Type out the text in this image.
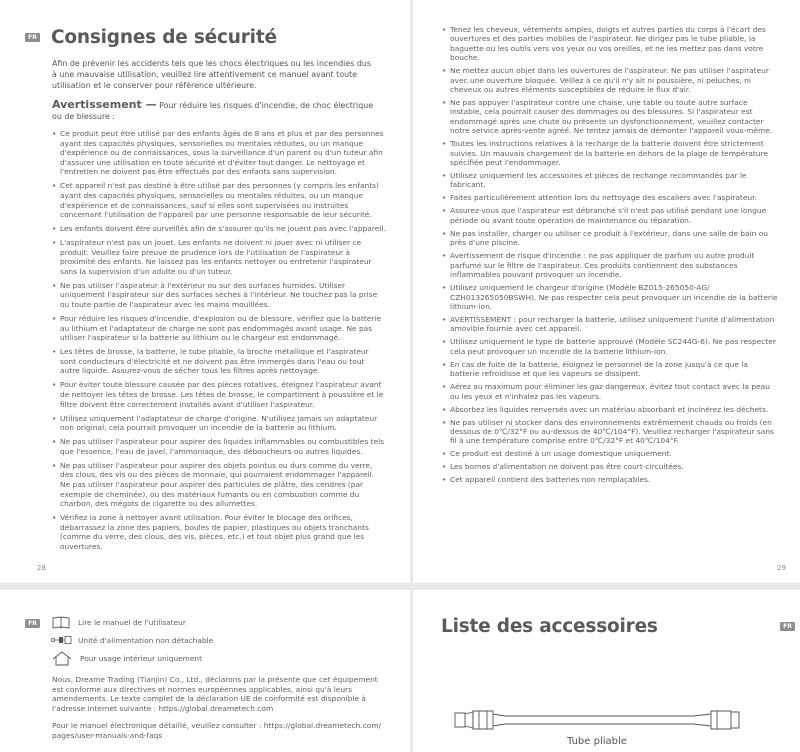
FR Consignes de sécurité

Afin de prévenir les accidents tels que les chocs électriques ou les incendies dus à une mauvaise utilisation, veuillez lire attentivement ce manuel avant toute utilisation et le conserver pour référence ultérieure.

Avertissement — Pour réduire les risques d'incendie, de choc électrique ou de blessure :

• Ce produit peut être utilisé par des enfants âgés de 8 ans et plus et par des personnes ayant des capacités physiques, sensorielles ou mentales réduites, ou un manque d'expérience ou de connaissances, sous la surveillance d'un parent ou d'un tuteur afin d'assurer une utilisation en toute sécurité et d'éviter tout danger. Le nettoyage et l'entretien ne doivent pas être effectués par des enfants sans supervision.
• Cet appareil n'est pas destiné à être utilisé par des personnes (y compris les enfants) ayant des capacités physiques, sensorielles ou mentales réduites, ou un manque d'expérience et de connaissances, sauf si elles sont supervisées ou instruites concernant l'utilisation de l'appareil par une personne responsable de leur sécurité.
• Les enfants doivent être surveillés afin de s'assurer qu'ils ne jouent pas avec l'appareil.
• L'aspirateur n'est pas un jouet. Les enfants ne doivent ni jouer avec ni utiliser ce produit. Veuillez faire preuve de prudence lors de l'utilisation de l'aspirateur à proximité des enfants. Ne laissez pas les enfants nettoyer ou entretenir l'aspirateur sans la supervision d'un adulte ou d'un tuteur.
• Ne pas utiliser l'aspirateur à l'extérieur ou sur des surfaces humides. Utiliser uniquement l'aspirateur sur des surfaces sèches à l'intérieur. Ne touchez pas la prise ou toute partie de l'aspirateur avec les mains mouillées.
• Pour réduire les risques d'incendie, d'explosion ou de blessure, vérifiez que la batterie au lithium et l'adaptateur de charge ne sont pas endommagés avant usage. Ne pas utiliser l'aspirateur si la batterie au lithium ou le chargeur est endommagé.
• Les têtes de brosse, la batterie, le tube pliable, la broche métallique et l'aspirateur sont conducteurs d'électricité et ne doivent pas être immergés dans l'eau ou tout autre liquide. Assurez-vous de sécher tous les filtres après nettoyage.
• Pour éviter toute blessure causée par des pièces rotatives, éteignez l'aspirateur avant de nettoyer les têtes de brosse. Les têtes de brosse, le compartiment à poussière et le filtre doivent être correctement installés avant d'utiliser l'aspirateur.
• Utilisez uniquement l'adaptateur de charge d'origine. N'utilisez jamais un adaptateur non original, cela pourrait provoquer un incendie de la batterie au lithium.
• Ne pas utiliser l'aspirateur pour aspirer des liquides inflammables ou combustibles tels que l'essence, l'eau de javel, l'ammoniaque, des déboucheurs ou autres liquides.
• Ne pas utiliser l'aspirateur pour aspirer des objets pointus ou durs comme du verre, des clous, des vis ou des pièces de monnaie, qui pourraient endommager l'appareil. Ne pas utiliser l'aspirateur pour aspirer des particules de plâtre, des cendres (par exemple de cheminée), ou des matériaux fumants ou en combustion comme du charbon, des mégots de cigarette ou des allumettes.
• Vérifiez la zone à nettoyer avant utilisation. Pour éviter le blocage des orifices, débarrassez la zone des papiers, boules de papier, plastiques ou objets tranchants (comme du verre, des clous, des vis, pièces, etc.) et tout objet plus grand que les ouvertures.
28
• Tenez les cheveux, vêtements amples, doigts et autres parties du corps à l'écart des ouvertures et des parties mobiles de l'aspirateur. Ne dirigez pas le tube pliable, la baguette ou les outils vers vos yeux ou vos oreilles, et ne les mettez pas dans votre bouche.
• Ne mettez aucun objet dans les ouvertures de l'aspirateur. Ne pas utiliser l'aspirateur avec une ouverture bloquée. Veillez à ce qu'il n'y ait ni poussière, ni peluches, ni cheveux ou autres éléments susceptibles de réduire le flux d'air.
• Ne pas appuyer l'aspirateur contre une chaise, une table ou toute autre surface instable, cela pourrait causer des dommages ou des blessures. Si l'aspirateur est endommagé après une chute ou présente un dysfonctionnement, veuillez contacter notre service après-vente agréé. Ne tentez jamais de démonter l'appareil vous-même.
• Toutes les instructions relatives à la recharge de la batterie doivent être strictement suivies. Un mauvais chargement de la batterie en dehors de la plage de température spécifiée peut l'endommager.
• Utilisez uniquement les accessoires et pièces de rechange recommandés par le fabricant.
• Faites particulièrement attention lors du nettoyage des escaliers avec l'aspirateur.
• Assurez-vous que l'aspirateur est débranché s'il n'est pas utilisé pendant une longue période ou avant toute opération de maintenance ou réparation.
• Ne pas installer, charger ou utiliser ce produit à l'extérieur, dans une salle de bain ou près d'une piscine.
• Avertissement de risque d'incendie : ne pas appliquer de parfum ou autre produit parfumé sur le filtre de l'aspirateur. Ces produits contiennent des substances inflammables pouvant provoquer un incendie.
• Utilisez uniquement le chargeur d'origine (Modèle BZ015-265050-AG/ CZH013265050BSWH). Ne pas respecter cela peut provoquer un incendie de la batterie lithium-ion.
• AVERTISSEMENT : pour recharger la batterie, utilisez uniquement l'unité d'alimentation amovible fournie avec cet appareil.
• Utilisez uniquement le type de batterie approuvé (Modèle SC244G-6). Ne pas respecter cela peut provoquer un incendie de la batterie lithium-ion.
• En cas de fuite de la batterie, éloignez le personnel de la zone jusqu'à ce que la batterie refroidisse et que les vapeurs se dissipent.
• Aérez au maximum pour éliminer les gaz dangereux, évitez tout contact avec la peau ou les yeux et n'inhalez pas les vapeurs.
• Absorbez les liquides renversés avec un matériau absorbant et incinérez les déchets.
• Ne pas utiliser ni stocker dans des environnements extrêmement chauds ou froids (en dessous de 0℃/32°F ou au-dessus de 40℃/104°F). Veuillez recharger l'aspirateur sans fil à une température comprise entre 0℃/32°F et 40℃/104°F.
• Ce produit est destiné à un usage domestique uniquement.
• Les bornes d'alimentation ne doivent pas être court-circuitées.
• Cet appareil contient des batteries non remplaçables.
29
FR	Lire le manuel de l'utilisateur
Unité d'alimentation non détachable
Pour usage intérieur uniquement

Nous, Dreame Trading (Tianjin) Co., Ltd., déclarons par la présente que cet équipement est conforme aux directives et normes européennes applicables, ainsi qu'à leurs amendements. Le texte complet de la déclaration UE de conformité est disponible à l'adresse internet suivante : https://global.dreametech.com

Pour le manuel électronique détaillé, veuillez consulter : https://global.dreametech.com/ pages/user-manuals-and-faqs

Liste des accessoires	FR
Tube pliable
